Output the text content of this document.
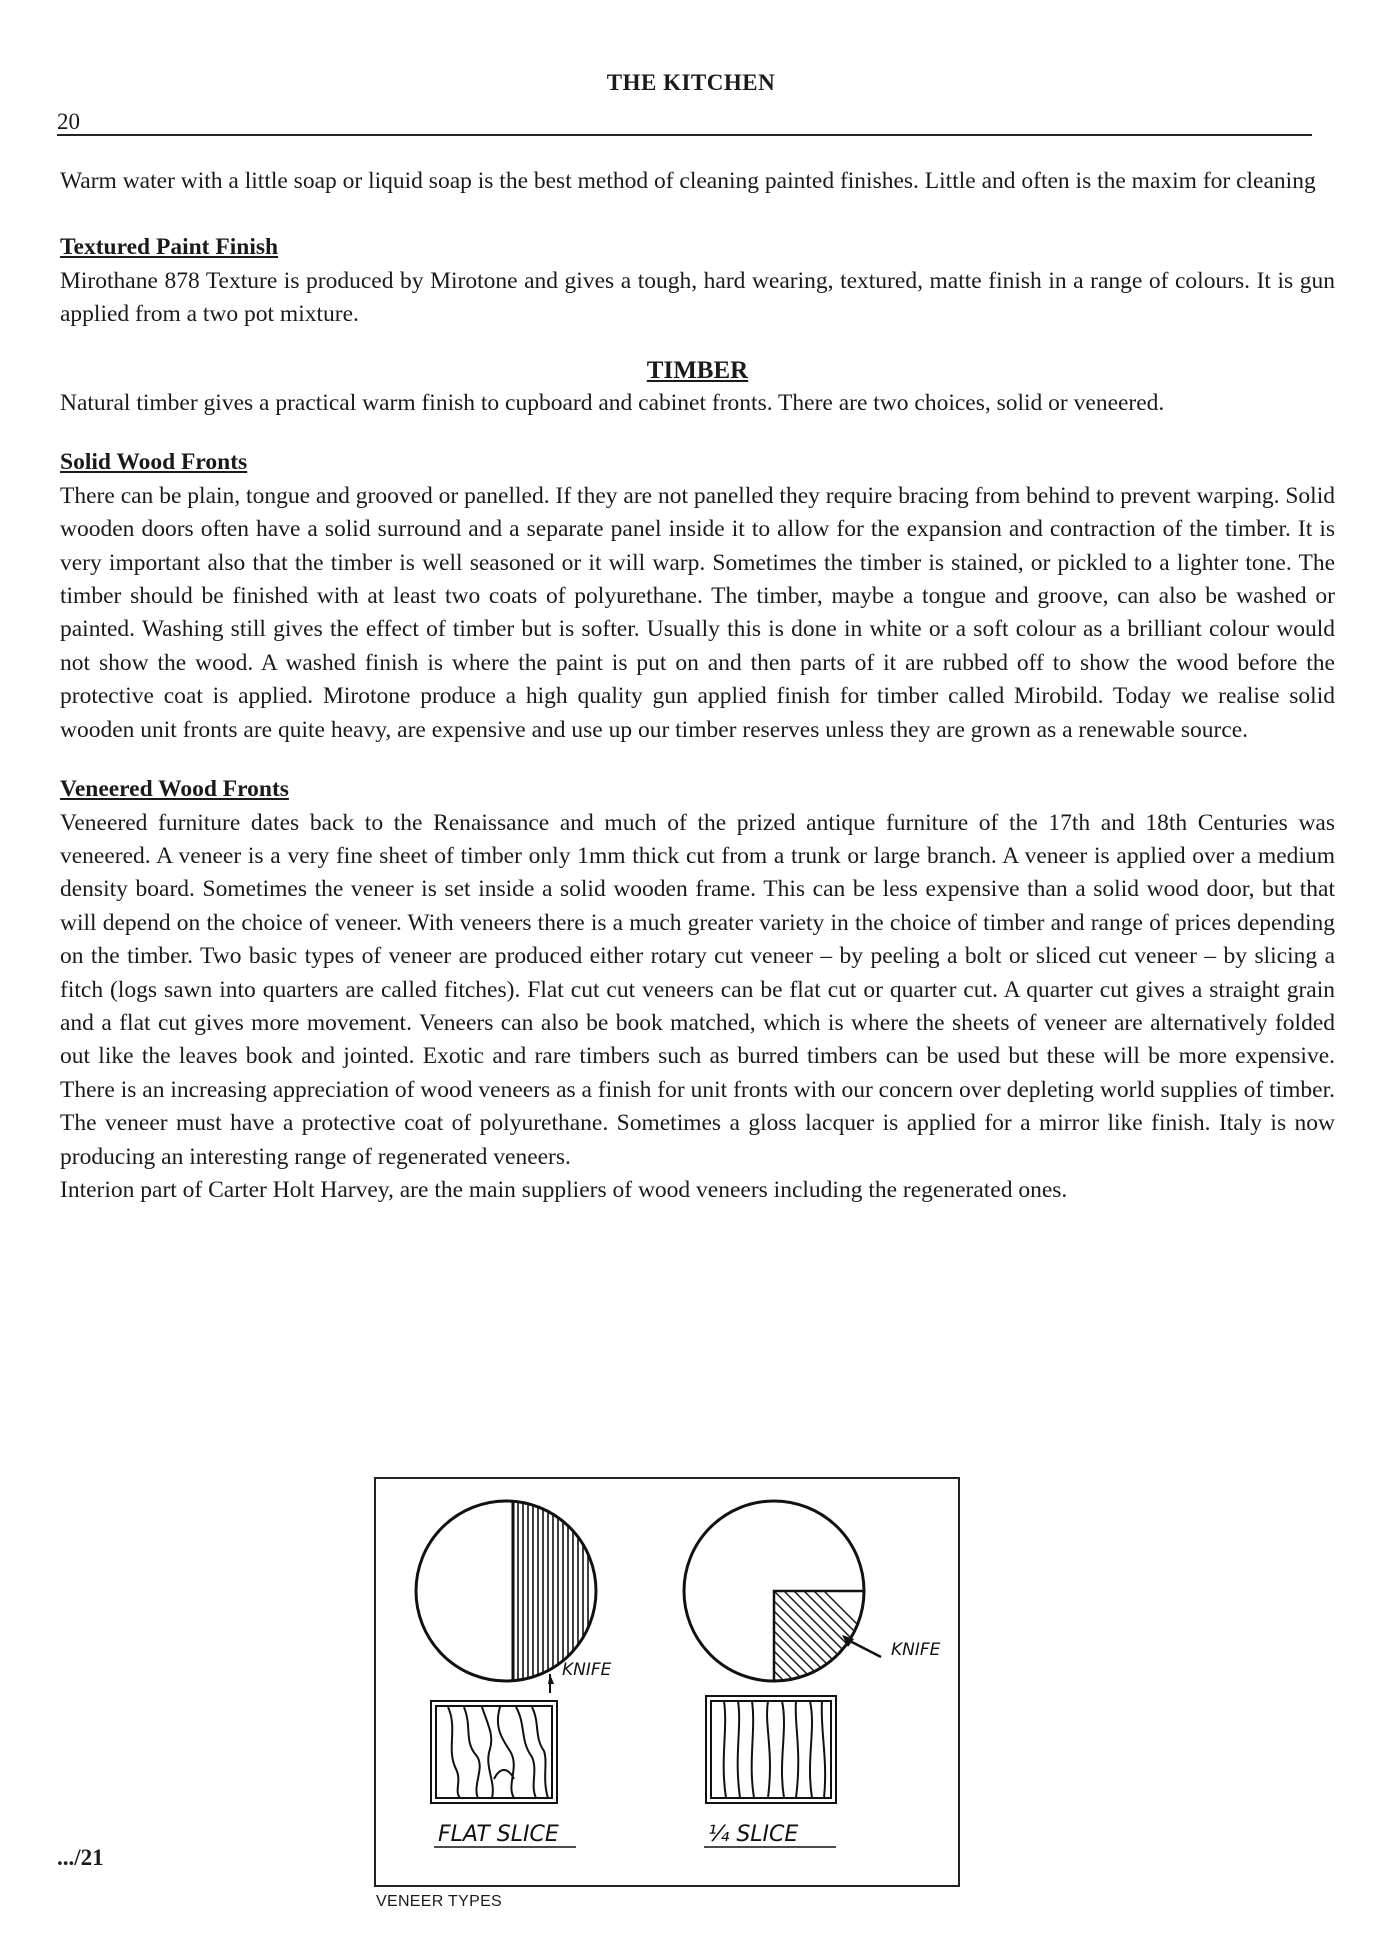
THE KITCHEN
20

Warm water with a little soap or liquid soap is the best method of cleaning painted finishes. Little and often is the maxim for cleaning

Textured Paint Finish

Mirothane 878 Texture is produced by Mirotone and gives a tough, hard wearing, textured, matte finish in a range of colours. It is gun applied from a two pot mixture.

TIMBER

Natural timber gives a practical warm finish to cupboard and cabinet fronts. There are two choices, solid or veneered.

Solid Wood Fronts

There can be plain, tongue and grooved or panelled. If they are not panelled they require bracing from behind to prevent warping. Solid wooden doors often have a solid surround and a separate panel inside it to allow for the expansion and contraction of the timber. It is very important also that the timber is well seasoned or it will warp. Sometimes the timber is stained, or pickled to a lighter tone. The timber should be finished with at least two coats of polyurethane. The timber, maybe a tongue and groove, can also be washed or painted. Washing still gives the effect of timber but is softer. Usually this is done in white or a soft colour as a brilliant colour would not show the wood. A washed finish is where the paint is put on and then parts of it are rubbed off to show the wood before the protective coat is applied. Mirotone produce a high quality gun applied finish for timber called Mirobild. Today we realise solid wooden unit fronts are quite heavy, are expensive and use up our timber reserves unless they are grown as a renewable source.

Veneered Wood Fronts

Veneered furniture dates back to the Renaissance and much of the prized antique furniture of the 17th and 18th Centuries was veneered. A veneer is a very fine sheet of timber only 1mm thick cut from a trunk or large branch. A veneer is applied over a medium density board. Sometimes the veneer is set inside a solid wooden frame. This can be less expensive than a solid wood door, but that will depend on the choice of veneer. With veneers there is a much greater variety in the choice of timber and range of prices depending on the timber. Two basic types of veneer are produced either rotary cut veneer – by peeling a bolt or sliced cut veneer – by slicing a fitch (logs sawn into quarters are called fitches). Flat cut cut veneers can be flat cut or quarter cut. A quarter cut gives a straight grain and a flat cut gives more movement. Veneers can also be book matched, which is where the sheets of veneer are alternatively folded out like the leaves book and jointed. Exotic and rare timbers such as burred timbers can be used but these will be more expensive. There is an increasing appreciation of wood veneers as a finish for unit fronts with our concern over depleting world supplies of timber. The veneer must have a protective coat of polyurethane. Sometimes a gloss lacquer is applied for a mirror like finish. Italy is now producing an interesting range of regenerated veneers.

Interion part of Carter Holt Harvey, are the main suppliers of wood veneers including the regenerated ones.

KNIFE
KNIFE
FLAT SLICE	¼ SLICE
VENEER TYPES
.../21
